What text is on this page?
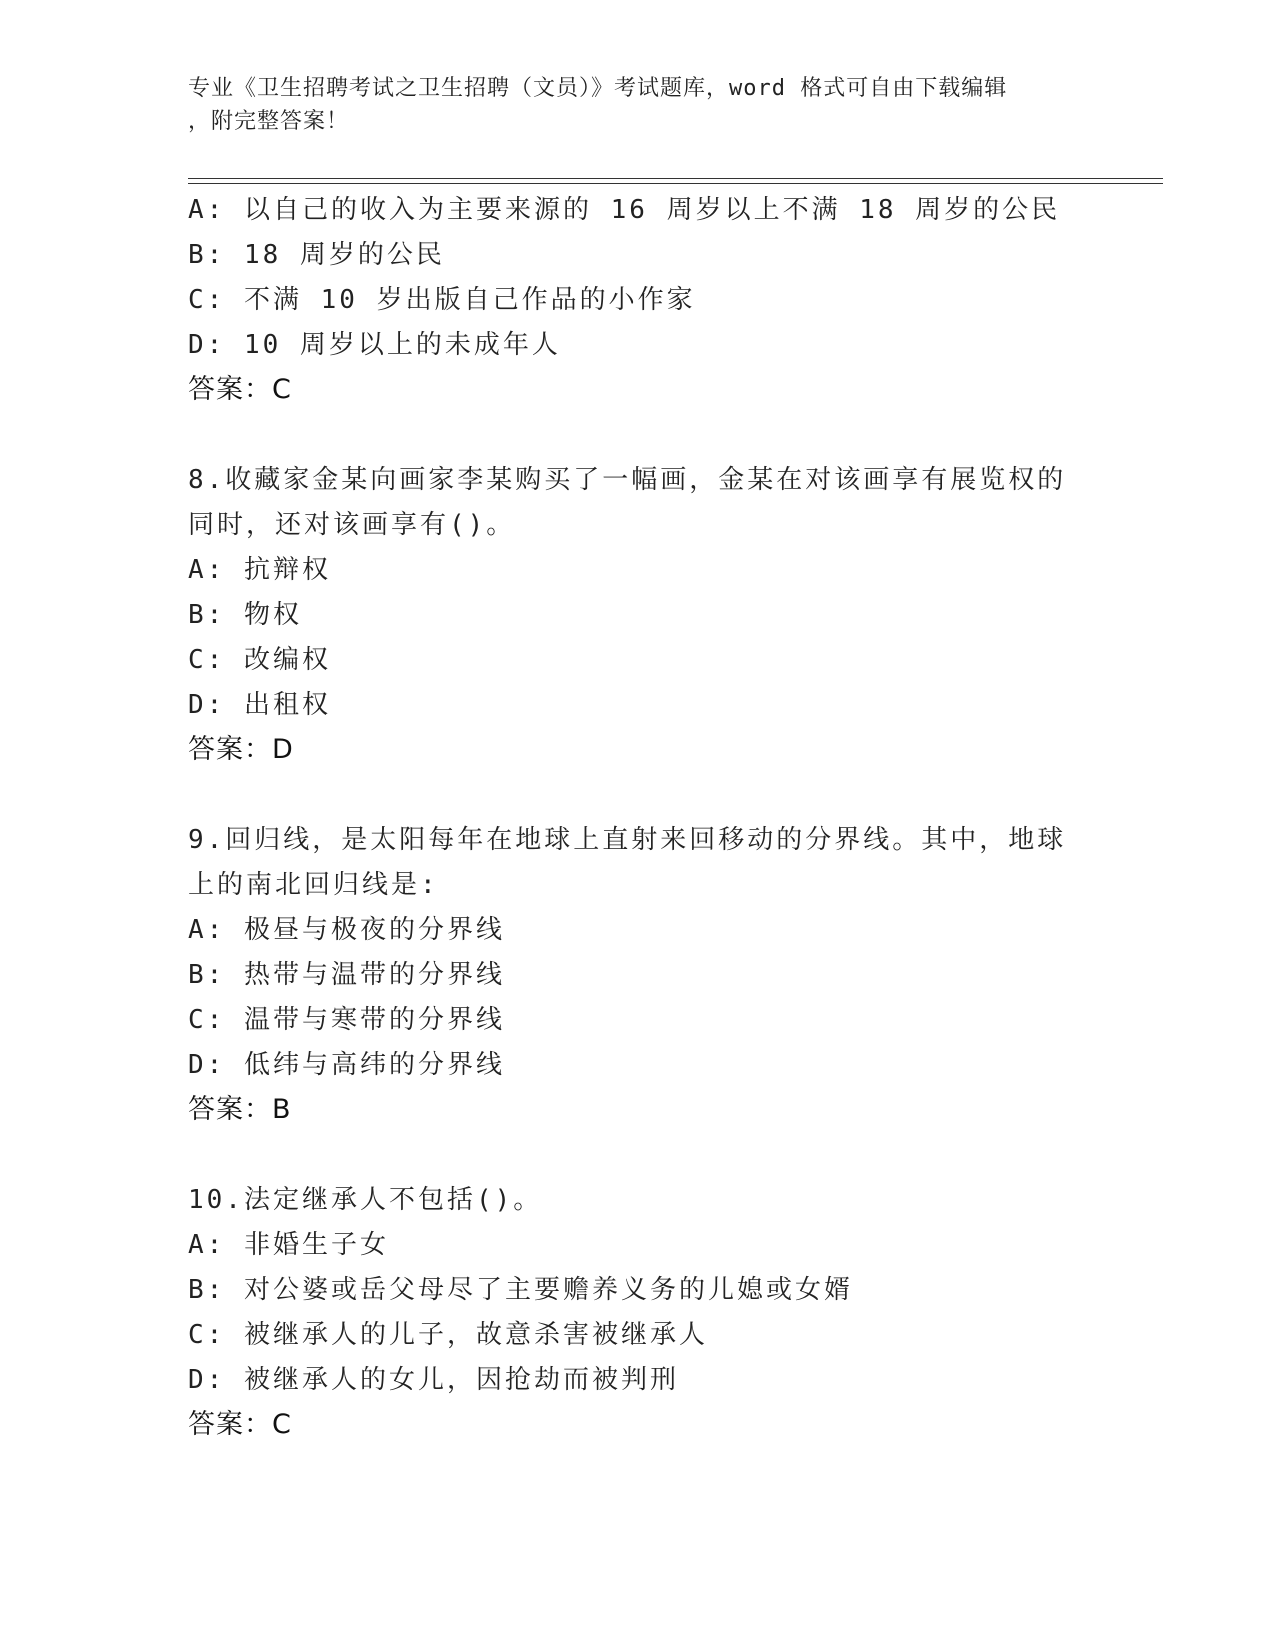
专业《卫生招聘考试之卫生招聘（文员）》考试题库，word 格式可自由下载编辑
，附完整答案！
A: 以自己的收入为主要来源的 16 周岁以上不满 18 周岁的公民
B: 18 周岁的公民
C: 不满 10 岁出版自己作品的小作家
D: 10 周岁以上的未成年人
答案：C
8.收藏家金某向画家李某购买了一幅画，金某在对该画享有展览权的
同时，还对该画享有()。
A: 抗辩权
B: 物权
C: 改编权
D: 出租权
答案：D
9.回归线，是太阳每年在地球上直射来回移动的分界线。其中，地球
上的南北回归线是:
A: 极昼与极夜的分界线
B: 热带与温带的分界线
C: 温带与寒带的分界线
D: 低纬与高纬的分界线
答案：B
10.法定继承人不包括()。
A: 非婚生子女
B: 对公婆或岳父母尽了主要赡养义务的儿媳或女婿
C: 被继承人的儿子，故意杀害被继承人
D: 被继承人的女儿，因抢劫而被判刑
答案：C
